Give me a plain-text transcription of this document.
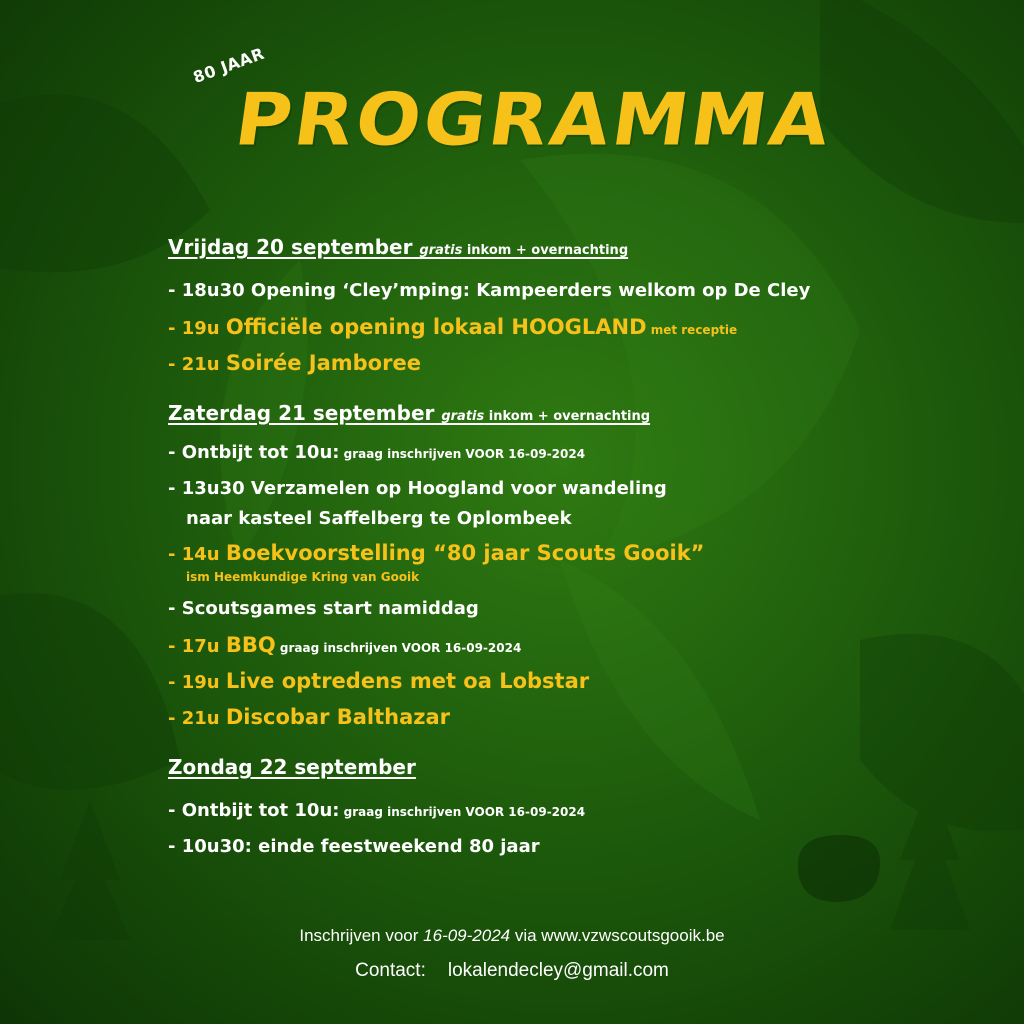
80 JAAR
PROGRAMMA
Vrijdag 20 september gratis inkom + overnachting
- 18u30 Opening ‘Cley’mping: Kampeerders welkom op De Cley
- 19u Officiële opening lokaal HOOGLAND met receptie
- 21u Soirée Jamboree
Zaterdag 21 september gratis inkom + overnachting
- Ontbijt tot 10u: graag inschrijven VOOR 16-09-2024
- 13u30 Verzamelen op Hoogland voor wandeling
naar kasteel Saffelberg te Oplombeek
- 14u Boekvoorstelling “80 jaar Scouts Gooik”
ism Heemkundige Kring van Gooik
- Scoutsgames start namiddag
- 17u BBQ graag inschrijven VOOR 16-09-2024
- 19u Live optredens met oa Lobstar
- 21u Discobar Balthazar
Zondag 22 september
- Ontbijt tot 10u: graag inschrijven VOOR 16-09-2024
- 10u30: einde feestweekend 80 jaar
Inschrijven voor 16-09-2024 via www.vzwscoutsgooik.be
Contact: lokalendecley@gmail.com
